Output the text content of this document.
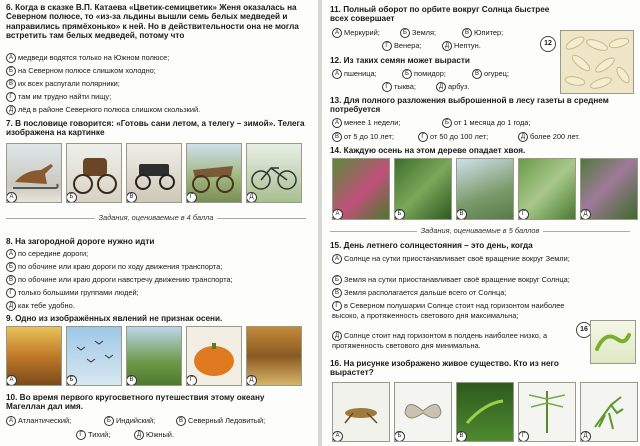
6. Когда в сказке В.П. Катаева «Цветик-семицветик» Женя оказалась на Северном полюсе, то «из-за льдины вышли семь белых медведей и направились прямёхонько» к ней. Но в действительности она не могла встретить там белых медведей, потому что
А медведи водятся только на Южном полюсе;
Б на Северном полюсе слишком холодно;
В их всех распугали полярники;
Г там им трудно найти пищу;
Д лёд в районе Северного полюса слишком скользкий.
7. В пословице говорится: «Готовь сани летом, а телегу – зимой». Телега изображена на картинке
А	Б	В	Г	Д
Задания, оцениваемые в 4 балла
8. На загородной дороге нужно идти
А по середине дороги;
Б по обочине или краю дороги по ходу движения транспорта;
В по обочине или краю дороги навстречу движению транспорта;
Г только большими группами людей;
Д как тебе удобно.
9. Одно из изображённых явлений не признак осени.
А	Б	В	Г	Д
10. Во время первого кругосветного путешествия этому океану Магеллан дал имя.
А Атлантический;	Б Индийский;	В Северный Ледовитый;
Г Тихий;	Д Южный.
11. Полный оборот по орбите вокруг Солнца быстрее всех совершает
А Меркурий;	Б Земля;	В Юпитер;
Г Венера;	Д Нептун.	12
12. Из таких семян может вырасти
А пшеница;	Б помидор;	В огурец;
Г тыква;	Д арбуз.
13. Для полного разложения выброшенной в лесу газеты в среднем потребуется
А менее 1 недели;	Б от 1 месяца до 1 года;
В от 5 до 10 лет;	Г от 50 до 100 лет;	Д более 200 лет.
14. Каждую осень на этом дереве опадает хвоя.
А	Б	В	Г	Д
Задания, оцениваемые в 5 баллов
15. День летнего солнцестояния – это день, когда
А Солнце на сутки приостанавливает своё вращение вокруг Земли;
Б Земля на сутки приостанавливает своё вращение вокруг Солнца;
В Земля располагается дальше всего от Солнца;
Г в Северном полушарии Солнце стоит над горизонтом наиболее высоко, а протяженность светового дня максимальна;
Д Солнце стоит над горизонтом в полдень наиболее низко, а протяженность светового дня минимальна.
16
16. На рисунке изображено живое существо. Кто из него вырастет?
А	Б	В	Г	Д
